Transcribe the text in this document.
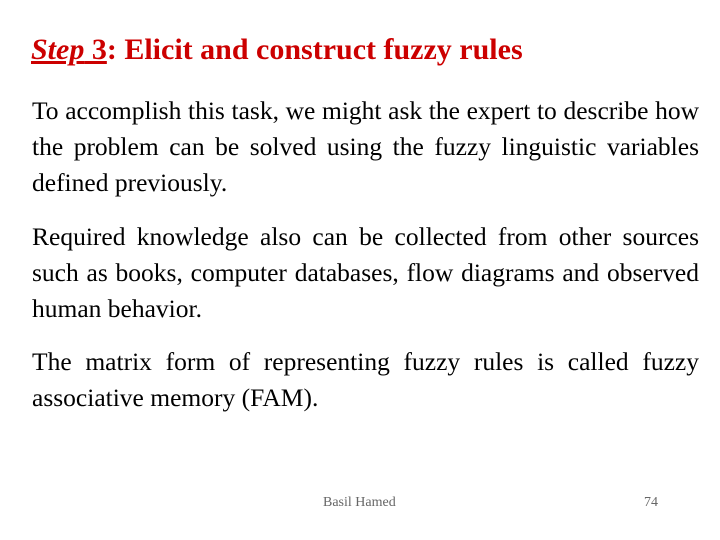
Step 3: Elicit and construct fuzzy rules

To accomplish this task, we might ask the expert to describe how the problem can be solved using the fuzzy linguistic variables defined previously.

Required knowledge also can be collected from other sources such as books, computer databases, flow diagrams and observed human behavior.

The matrix form of representing fuzzy rules is called fuzzy associative memory (FAM).

Basil Hamed	74
